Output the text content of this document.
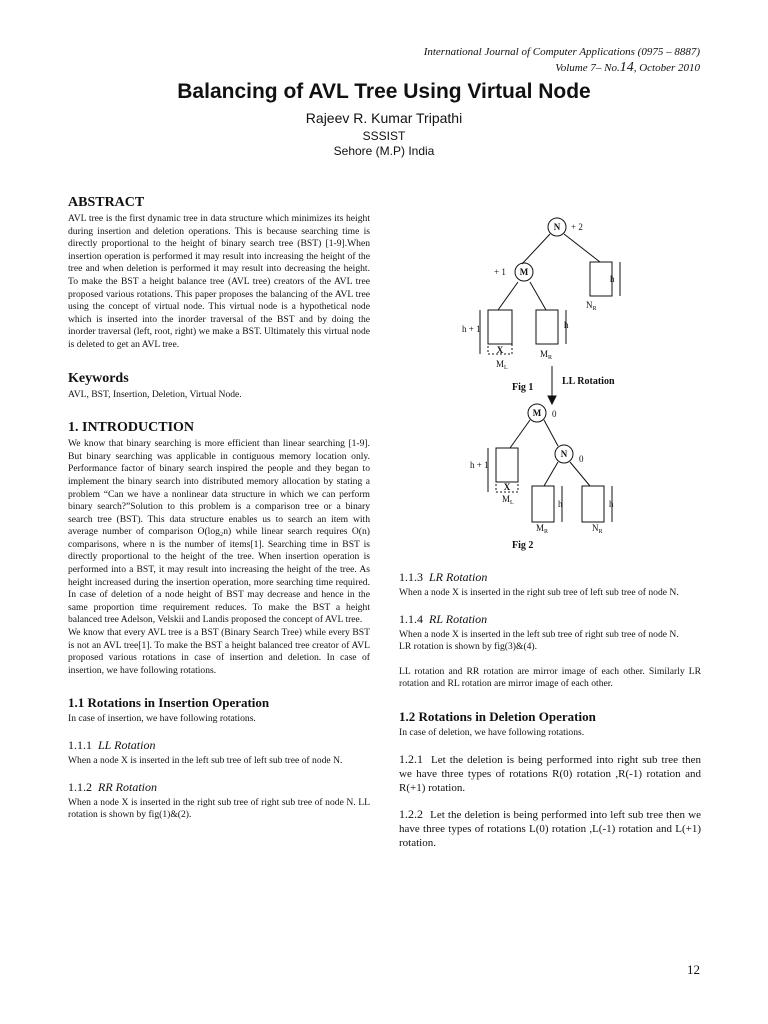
International Journal of Computer Applications (0975 – 8887)
Volume 7– No.14, October 2010
Balancing of AVL Tree Using Virtual Node
Rajeev R. Kumar Tripathi
SSSIST
Sehore (M.P) India
ABSTRACT

AVL tree is the first dynamic tree in data structure which minimizes its height during insertion and deletion operations. This is because searching time is directly proportional to the height of binary search tree (BST) [1-9].When insertion operation is performed it may result into increasing the height of the tree and when deletion is performed it may result into decreasing the height. To make the BST a height balance tree (AVL tree) creators of the AVL tree proposed various rotations. This paper proposes the balancing of the AVL tree using the concept of virtual node. This virtual node is a hypothetical node which is inserted into the inorder traversal of the BST and by doing the inorder traversal (left, root, right) we make a BST. Ultimately this virtual node is deleted to get an AVL tree.

Keywords

AVL, BST, Insertion, Deletion, Virtual Node.

1. INTRODUCTION

We know that binary searching is more efficient than linear searching [1-9]. But binary searching was applicable in contiguous memory location only. Performance factor of binary search inspired the people and they began to implement the binary search into distributed memory allocation by stating a problem “Can we have a nonlinear data structure in which we can perform binary search?”Solution to this problem is a comparison tree or a binary search tree (BST). This data structure enables us to search an item with average number of comparison O(log₂n) while linear search requires O(n) comparisons, where n is the number of items[1]. Searching time in BST is directly proportional to the height of the tree. When insertion operation is performed into a BST, it may result into increasing the height of the tree. As height increased during the insertion operation, more searching time required. In case of deletion of a node height of BST may decrease and hence in the same proportion time requirement reduces. To make the BST a height balanced tree Adelson, Velskii and Landis proposed the concept of AVL tree.

We know that every AVL tree is a BST (Binary Search Tree) while every BST is not an AVL tree[1]. To make the BST a height balanced tree creator of AVL proposed various rotations in case of insertion and deletion. In case of insertion, we have following rotations.

1.1 Rotations in Insertion Operation

In case of insertion, we have following rotations.

1.1.1 LL Rotation

When a node X is inserted in the left sub tree of left sub tree of node N.

1.1.2 RR Rotation

When a node X is inserted in the right sub tree of right sub tree of node N. LL rotation is shown by fig(1)&(2).

N + 2
M
+ 1
h
$N_R$
X
h + 1
$M_L$
h
$M_R$
Fig 1
LL Rotation
M 0
N 0
X
h + 1
$M_L$	h
$M_R$
h
$N_R$
Fig 2
1.1.3 LR Rotation

When a node X is inserted in the right sub tree of left sub tree of node N.

1.1.4 RL Rotation

When a node X is inserted in the left sub tree of right sub tree of node N.

LR rotation is shown by fig(3)&(4).

LL rotation and RR rotation are mirror image of each other. Similarly LR rotation and RL rotation are mirror image of each other.

1.2 Rotations in Deletion Operation

In case of deletion, we have following rotations.

1.2.1 Let the deletion is being performed into right sub tree then we have three types of rotations R(0) rotation ,R(-1) rotation and R(+1) rotation.

1.2.2 Let the deletion is being performed into left sub tree then we have three types of rotations L(0) rotation ,L(-1) rotation and L(+1) rotation.

12
